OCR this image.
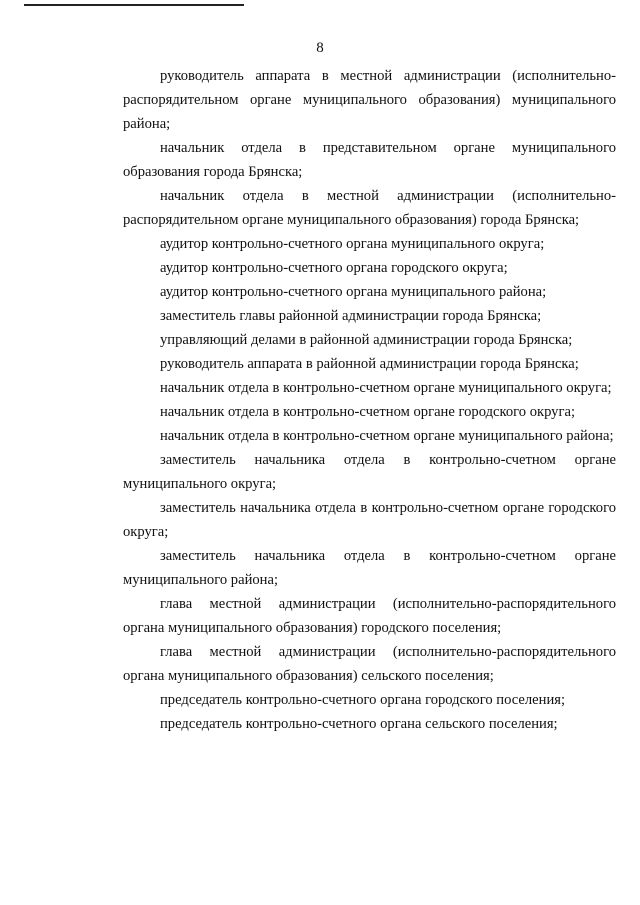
8

руководитель аппарата в местной администрации (исполнительно-распорядительном органе муниципального образования) муниципального района;

начальник отдела в представительном органе муниципального образования города Брянска;

начальник отдела в местной администрации (исполнительно-распорядительном органе муниципального образования) города Брянска;

аудитор контрольно-счетного органа муниципального округа;

аудитор контрольно-счетного органа городского округа;

аудитор контрольно-счетного органа муниципального района;

заместитель главы районной администрации города Брянска;

управляющий делами в районной администрации города Брянска;

руководитель аппарата в районной администрации города Брянска;

начальник отдела в контрольно-счетном органе муниципального округа;

начальник отдела в контрольно-счетном органе городского округа;

начальник отдела в контрольно-счетном органе муниципального района;

заместитель начальника отдела в контрольно-счетном органе муниципального округа;

заместитель начальника отдела в контрольно-счетном органе городского округа;

заместитель начальника отдела в контрольно-счетном органе муниципального района;

глава местной администрации (исполнительно-распорядительного органа муниципального образования) городского поселения;

глава местной администрации (исполнительно-распорядительного органа муниципального образования) сельского поселения;

председатель контрольно-счетного органа городского поселения;

председатель контрольно-счетного органа сельского поселения;
